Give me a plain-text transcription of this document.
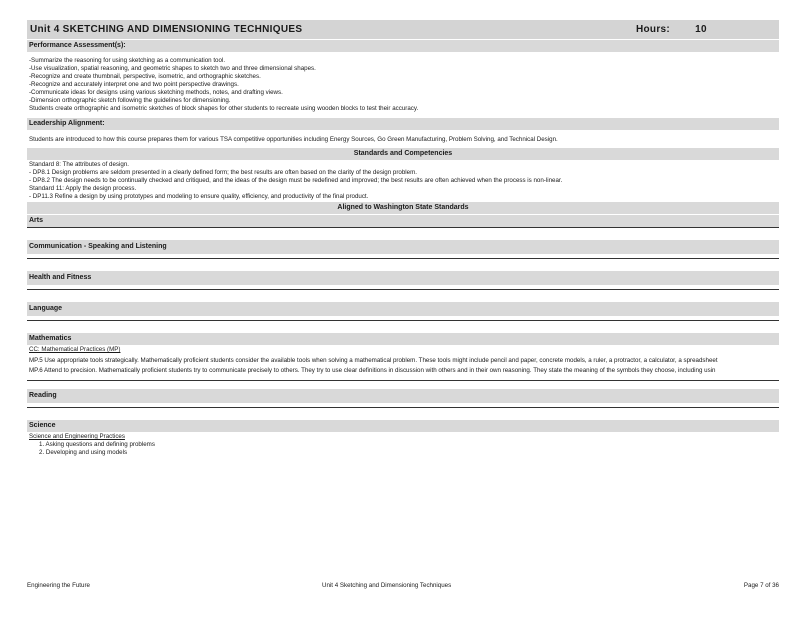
Unit 4 SKETCHING AND DIMENSIONING TECHNIQUES	Hours:	10
Performance Assessment(s):
-Summarize the reasoning for using sketching as a communication tool.
-Use visualization, spatial reasoning, and geometric shapes to sketch two and three dimensional shapes.
-Recognize and create thumbnail, perspective, isometric, and orthographic sketches.
-Recognize and accurately interpret one and two point perspective drawings.
-Communicate ideas for designs using various sketching methods, notes, and drafting views.
-Dimension orthographic sketch following the guidelines for dimensioning.
Students create orthographic and isometric sketches of block shapes for other students to recreate using wooden blocks to test their accuracy.
Leadership Alignment:
Students are introduced to how this course prepares them for various TSA competitive opportunities including Energy Sources, Go Green Manufacturing, Problem Solving, and Technical Design.
Standards and Competencies
Standard 8: The attributes of design.
- DP8.1 Design problems are seldom presented in a clearly defined form; the best results are often based on the clarity of the design problem.
- DP8.2 The design needs to be continually checked and critiqued, and the ideas of the design must be redefined and improved; the best results are often achieved when the process is non-linear.
Standard 11: Apply the design process.
- DP11.3 Refine a design by using prototypes and modeling to ensure quality, efficiency, and productivity of the final product.
Aligned to Washington State Standards
Arts
Communication - Speaking and Listening
Health and Fitness
Language
Mathematics
CC: Mathematical Practices (MP)
MP.5 Use appropriate tools strategically. Mathematically proficient students consider the available tools when solving a mathematical problem. These tools might include pencil and paper, concrete models, a ruler, a protractor, a calculator, a spreadsheet
MP.6 Attend to precision. Mathematically proficient students try to communicate precisely to others. They try to use clear definitions in discussion with others and in their own reasoning. They state the meaning of the symbols they choose, including usin
Reading
Science
Science and Engineering Practices
1. Asking questions and defining problems
2. Developing and using models
Engineering the Future	Unit 4 Sketching and Dimensioning Techniques	Page 7 of 36
